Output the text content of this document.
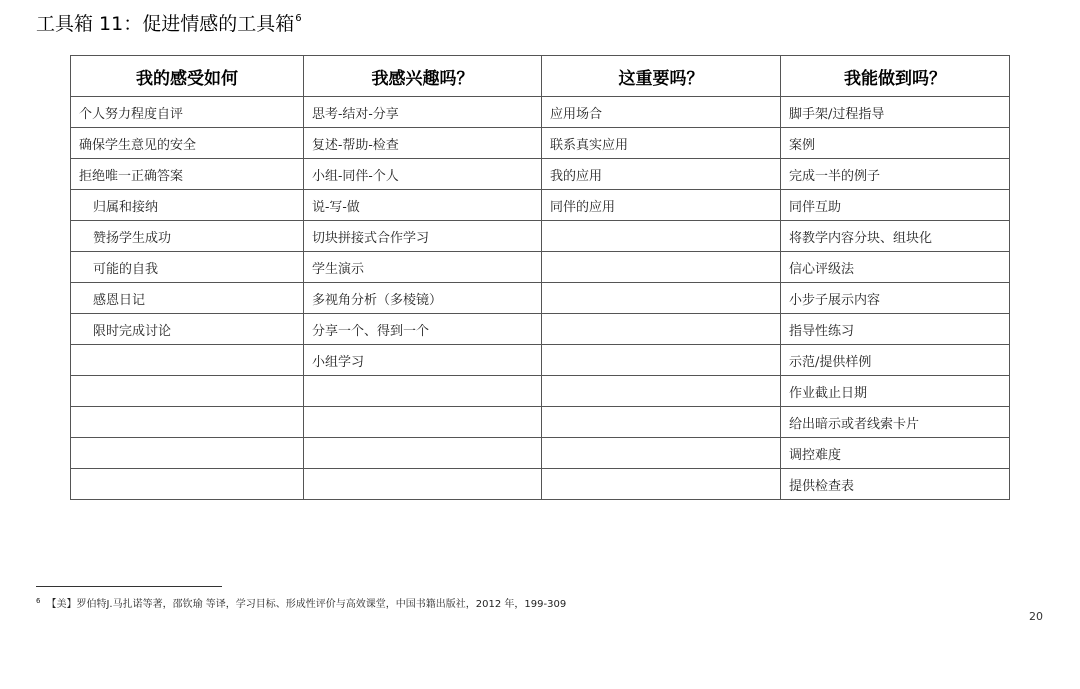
工具箱 11：促进情感的工具箱$^6$
我的感受如何	我感兴趣吗？	这重要吗？	我能做到吗？
个人努力程度自评	思考-结对-分享	应用场合	脚手架/过程指导
确保学生意见的安全	复述-帮助-检查	联系真实应用	案例
拒绝唯一正确答案	小组-同伴-个人	我的应用	完成一半的例子
归属和接纳	说-写-做	同伴的应用	同伴互助
赞扬学生成功	切块拼接式合作学习		将教学内容分块、组块化
可能的自我	学生演示		信心评级法
感恩日记	多视角分析（多棱镜）		小步子展示内容
限时完成讨论	分享一个、得到一个		指导性练习
	小组学习		示范/提供样例
			作业截止日期
			给出暗示或者线索卡片
			调控难度
			提供检查表
$^6$ 【美】罗伯特J.马扎诺等著，邵钦瑜 等译，学习目标、形成性评价与高效课堂，中国书籍出版社，2012 年，199-309
20
